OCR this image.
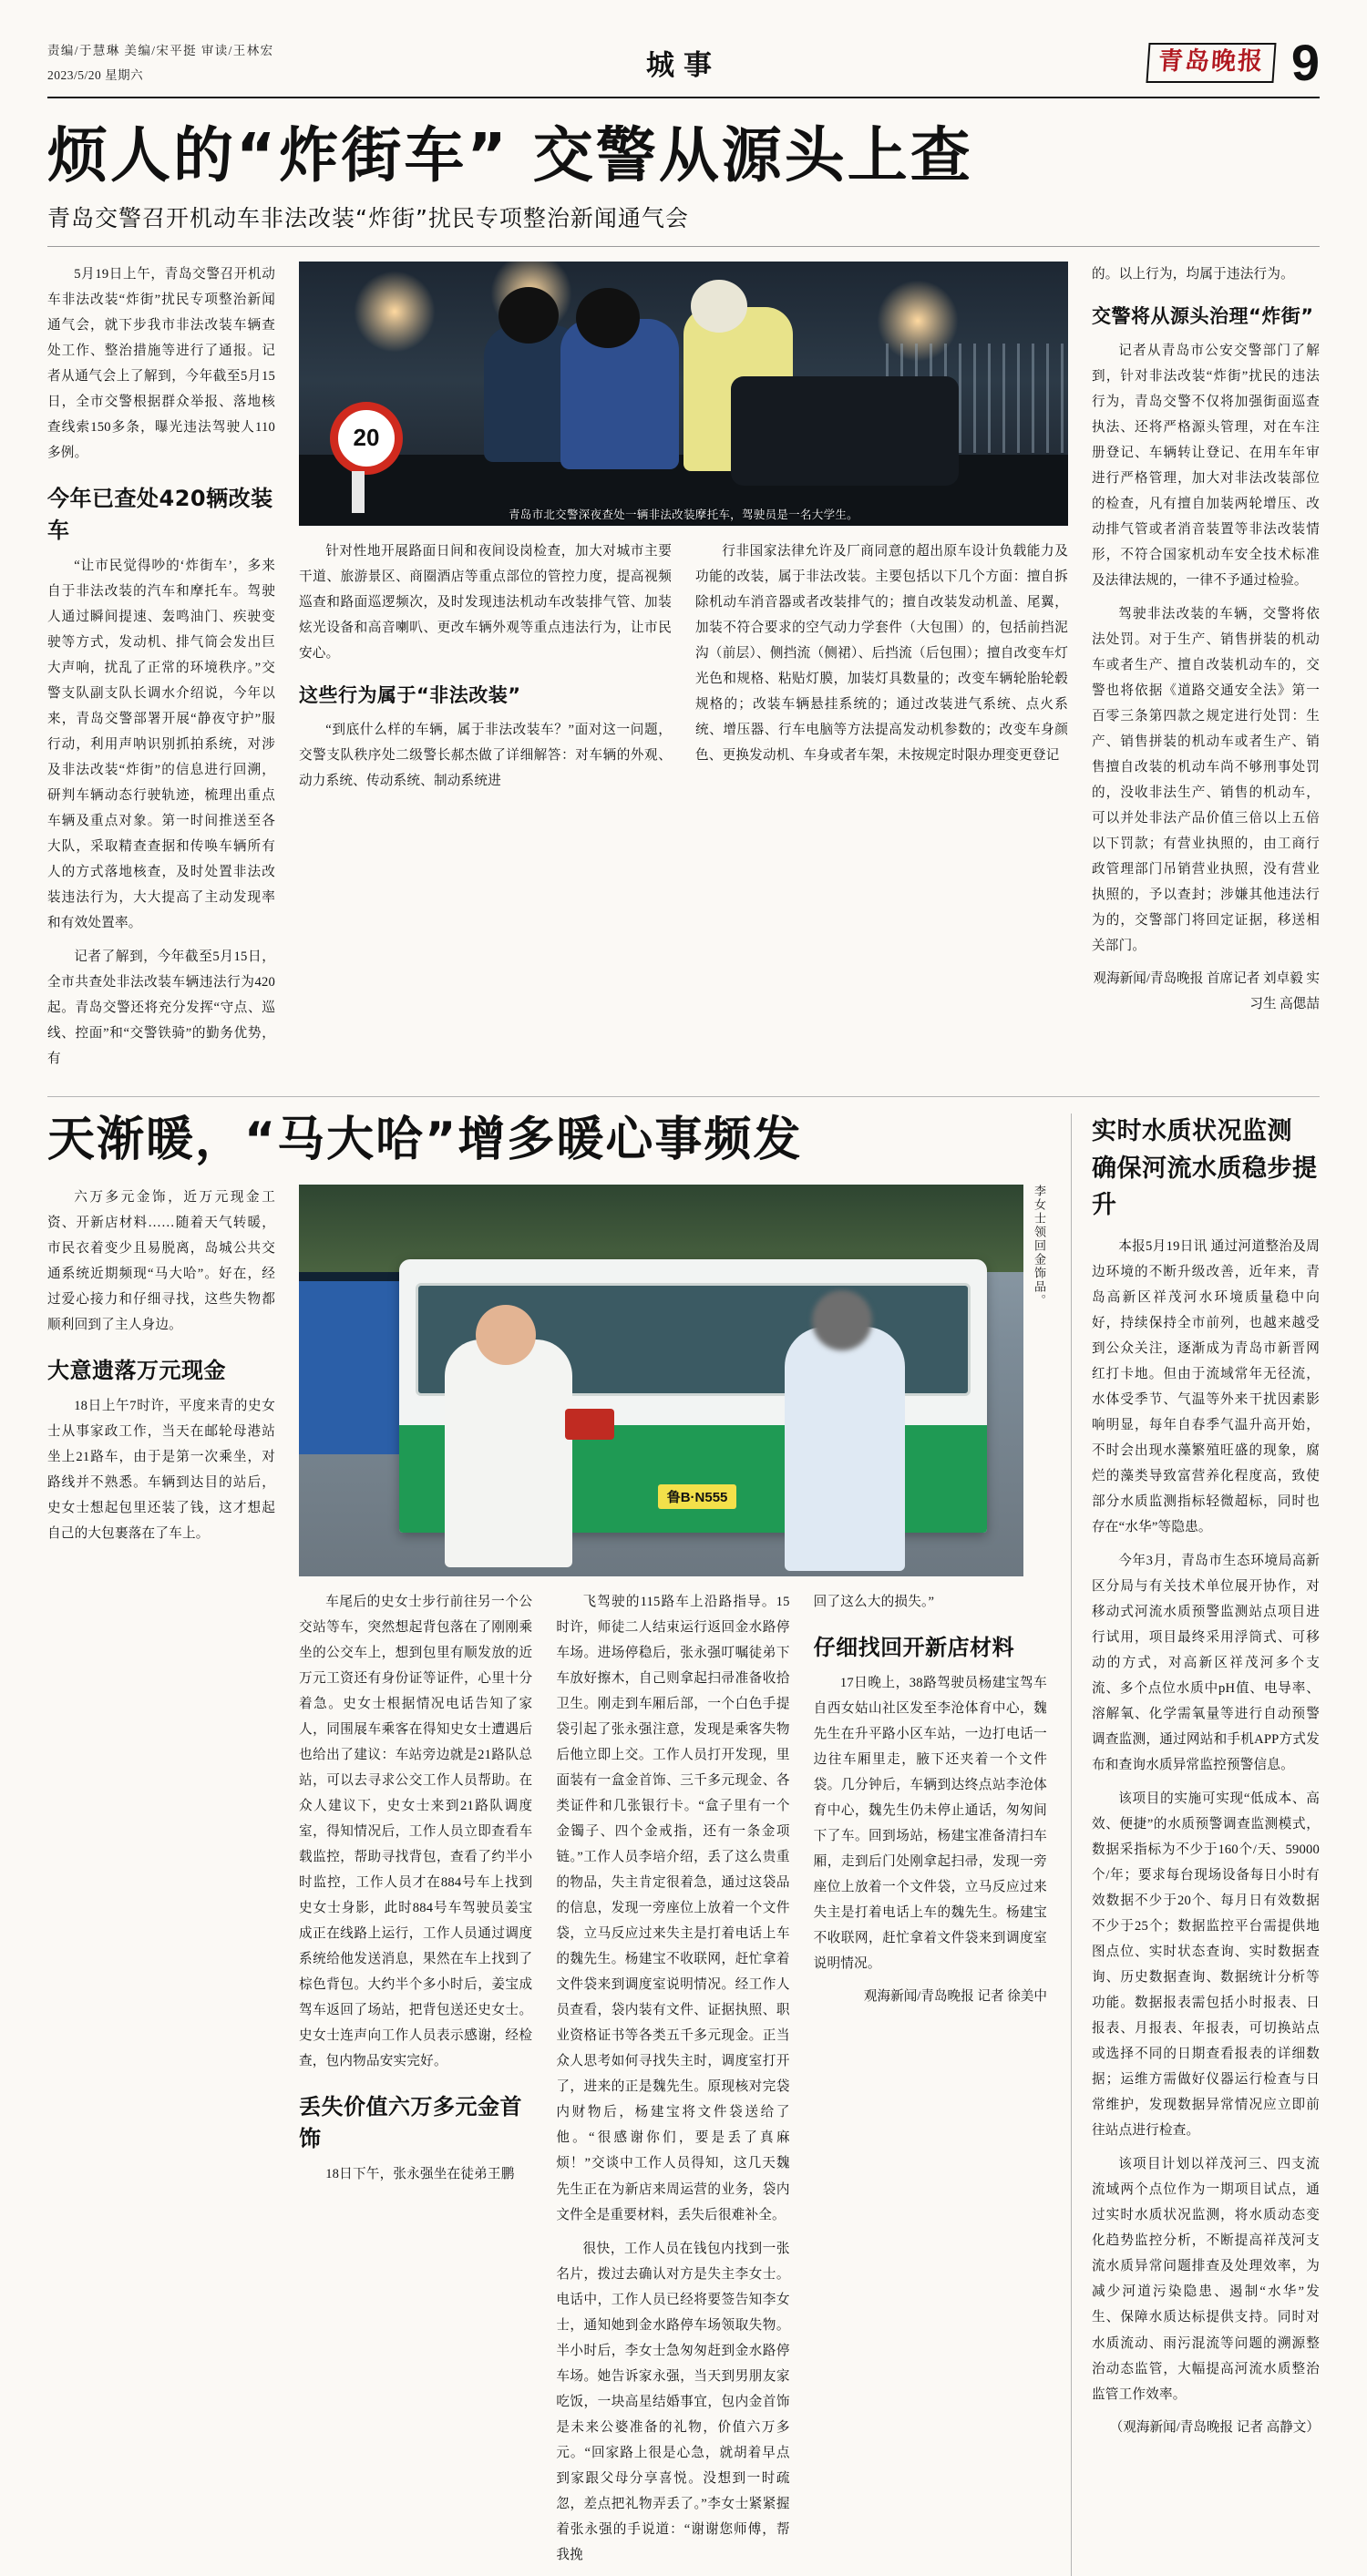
责编/于慧琳 美编/宋平挺 审读/王林宏
2023/5/20 星期六	城事	青岛晚报 9
烦人的“炸街车” 交警从源头上查
青岛交警召开机动车非法改装“炸街”扰民专项整治新闻通气会

5月19日上午，青岛交警召开机动车非法改装“炸街”扰民专项整治新闻通气会，就下步我市非法改装车辆查处工作、整治措施等进行了通报。记者从通气会上了解到，今年截至5月15日，全市交警根据群众举报、落地核查线索150多条，曝光违法驾驶人110多例。

今年已查处420辆改装车

“让市民觉得吵的‘炸街车’，多来自于非法改装的汽车和摩托车。驾驶人通过瞬间提速、轰鸣油门、疾驶变驶等方式，发动机、排气筒会发出巨大声响，扰乱了正常的环境秩序。”交警支队副支队长调水介绍说，今年以来，青岛交警部署开展“静夜守护”服行动，利用声呐识别抓拍系统，对涉及非法改装“炸街”的信息进行回溯，研判车辆动态行驶轨迹，梳理出重点车辆及重点对象。第一时间推送至各大队，采取精查查据和传唤车辆所有人的方式落地核查，及时处置非法改装违法行为，大大提高了主动发现率和有效处置率。

记者了解到，今年截至5月15日，全市共查处非法改装车辆违法行为420起。青岛交警还将充分发挥“守点、巡线、控面”和“交警铁骑”的勤务优势，有

20
青岛市北交警深夜查处一辆非法改装摩托车，驾驶员是一名大学生。

针对性地开展路面日间和夜间设岗检查，加大对城市主要干道、旅游景区、商圈酒店等重点部位的管控力度，提高视频巡查和路面巡逻频次，及时发现违法机动车改装排气管、加装炫光设备和高音喇叭、更改车辆外观等重点违法行为，让市民安心。

这些行为属于“非法改装”

“到底什么样的车辆，属于非法改装车？”面对这一问题，交警支队秩序处二级警长郝杰做了详细解答：对车辆的外观、动力系统、传动系统、制动系统进

行非国家法律允许及厂商同意的超出原车设计负载能力及功能的改装，属于非法改装。主要包括以下几个方面：擅自拆除机动车消音器或者改装排气的；擅自改装发动机盖、尾翼，加装不符合要求的空气动力学套件（大包围）的，包括前挡泥沟（前层）、侧挡流（侧裙）、后挡流（后包围）；擅自改变车灯光色和规格、粘贴灯膜，加装灯具数量的；改变车辆轮胎轮毂规格的；改装车辆悬挂系统的；通过改装进气系统、点火系统、增压器、行车电脑等方法提高发动机参数的；改变车身颜色、更换发动机、车身或者车架，未按规定时限办理变更登记

的。以上行为，均属于违法行为。

交警将从源头治理“炸街”

记者从青岛市公安交警部门了解到，针对非法改装“炸街”扰民的违法行为，青岛交警不仅将加强街面巡查执法、还将严格源头管理，对在车注册登记、车辆转让登记、在用车年审进行严格管理，加大对非法改装部位的检查，凡有擅自加装两轮增压、改动排气管或者消音装置等非法改装情形，不符合国家机动车安全技术标准及法律法规的，一律不予通过检验。

驾驶非法改装的车辆，交警将依法处罚。对于生产、销售拼装的机动车或者生产、擅自改装机动车的，交警也将依据《道路交通安全法》第一百零三条第四款之规定进行处罚：生产、销售拼装的机动车或者生产、销售擅自改装的机动车尚不够刑事处罚的，没收非法生产、销售的机动车，可以并处非法产品价值三倍以上五倍以下罚款；有营业执照的，由工商行政管理部门吊销营业执照，没有营业执照的，予以查封；涉嫌其他违法行为的，交警部门将回定证据，移送相关部门。

观海新闻/青岛晚报 首席记者 刘卓毅 实习生 高偲喆
天渐暖，“马大哈”增多暖心事频发

六万多元金饰，近万元现金工资、开新店材料……随着天气转暖，市民衣着变少且易脱离，岛城公共交通系统近期频现“马大哈”。好在，经过爱心接力和仔细寻找，这些失物都顺利回到了主人身边。

大意遗落万元现金

18日上午7时许，平度来青的史女士从事家政工作，当天在邮轮母港站坐上21路车，由于是第一次乘坐，对路线并不熟悉。车辆到达目的站后，史女士想起包里还装了钱，这才想起自己的大包裹落在了车上。

鲁B·N555
李女士领回金饰品。

车尾后的史女士步行前往另一个公交站等车，突然想起背包落在了刚刚乘坐的公交车上，想到包里有顺发放的近万元工资还有身份证等证件，心里十分着急。史女士根据情况电话告知了家人，同围展车乘客在得知史女士遭遇后也给出了建议：车站旁边就是21路队总站，可以去寻求公交工作人员帮助。在众人建议下，史女士来到21路队调度室，得知情况后，工作人员立即查看车载监控，帮助寻找背包，查看了约半小时监控，工作人员才在884号车上找到史女士身影，此时884号车驾驶员姜宝成正在线路上运行，工作人员通过调度系统给他发送消息，果然在车上找到了棕色背包。大约半个多小时后，姜宝成驾车返回了场站，把背包送还史女士。史女士连声向工作人员表示感谢，经检查，包内物品安实完好。

丢失价值六万多元金首饰

18日下午，张永强坐在徒弟王鹏

飞驾驶的115路车上沿路指导。15时许，师徒二人结束运行返回金水路停车场。进场停稳后，张永强叮嘱徒弟下车放好擦木，自己则拿起扫帚准备收拾卫生。刚走到车厢后部，一个白色手提袋引起了张永强注意，发现是乘客失物后他立即上交。工作人员打开发现，里面装有一盒金首饰、三千多元现金、各类证件和几张银行卡。“盒子里有一个金镯子、四个金戒指，还有一条金项链。”工作人员李培介绍，丢了这么贵重的物品，失主肯定很着急，通过这袋品的信息，发现一旁座位上放着一个文件袋，立马反应过来失主是打着电话上车的魏先生。杨建宝不收联网，赶忙拿着文件袋来到调度室说明情况。经工作人员查看，袋内装有文件、证据执照、职业资格证书等各类五千多元现金。正当众人思考如何寻找失主时，调度室打开了，进来的正是魏先生。原现核对完袋内财物后，杨建宝将文件袋送给了他。“很感谢你们，要是丢了真麻烦！”交谈中工作人员得知，这几天魏先生正在为新店来周运营的业务，袋内文件全是重要材料，丢失后很难补全。

很快，工作人员在钱包内找到一张名片，拨过去确认对方是失主李女士。电话中，工作人员已经将要签告知李女士，通知她到金水路停车场领取失物。半小时后，李女士急匆匆赶到金水路停车场。她告诉家永强，当天到男朋友家吃饭，一块高星结婚事宜，包内金首饰是未来公婆准备的礼物，价值六万多元。“回家路上很是心急，就胡着早点到家跟父母分享喜悦。没想到一时疏忽，差点把礼物弄丢了。”李女士紧紧握着张永强的手说道：“谢谢您师傅，帮我挽

回了这么大的损失。”

仔细找回开新店材料

17日晚上，38路驾驶员杨建宝驾车自西女姑山社区发至李沧体育中心，魏先生在升平路小区车站，一边打电话一边往车厢里走，腋下还夹着一个文件袋。几分钟后，车辆到达终点站李沧体育中心，魏先生仍未停止通话，匆匆间下了车。回到场站，杨建宝准备清扫车厢，走到后门处刚拿起扫帚，发现一旁座位上放着一个文件袋，立马反应过来失主是打着电话上车的魏先生。杨建宝不收联网，赶忙拿着文件袋来到调度室说明情况。

观海新闻/青岛晚报 记者 徐美中
实时水质状况监测
确保河流水质稳步提升

本报5月19日讯 通过河道整治及周边环境的不断升级改善，近年来，青岛高新区祥茂河水环境质量稳中向好，持续保持全市前列，也越来越受到公众关注，逐渐成为青岛市新晋网红打卡地。但由于流域常年无径流，水体受季节、气温等外来干扰因素影响明显，每年自春季气温升高开始，不时会出现水藻繁殖旺盛的现象，腐烂的藻类导致富营养化程度高，致使部分水质监测指标轻微超标，同时也存在“水华”等隐患。

今年3月，青岛市生态环境局高新区分局与有关技术单位展开协作，对移动式河流水质预警监测站点项目进行试用，项目最终采用浮筒式、可移动的方式，对高新区祥茂河多个支流、多个点位水质中pH值、电导率、溶解氧、化学需氧量等进行自动预警调查监测，通过网站和手机APP方式发布和查询水质异常监控预警信息。

该项目的实施可实现“低成本、高效、便捷”的水质预警调查监测模式，数据采指标为不少于160个/天、59000个/年；要求每台现场设备每日小时有效数据不少于20个、每月日有效数据不少于25个；数据监控平台需提供地图点位、实时状态查询、实时数据查询、历史数据查询、数据统计分析等功能。数据报表需包括小时报表、日报表、月报表、年报表，可切换站点或选择不同的日期查看报表的详细数据；运维方需做好仪器运行检查与日常维护，发现数据异常情况应立即前往站点进行检查。

该项目计划以祥茂河三、四支流流域两个点位作为一期项目试点，通过实时水质状况监测，将水质动态变化趋势监控分析，不断提高祥茂河支流水质异常问题排查及处理效率，为减少河道污染隐患、遏制“水华”发生、保障水质达标提供支持。同时对水质流动、雨污混流等问题的溯源整治动态监管，大幅提高河流水质整治监管工作效率。

（观海新闻/青岛晚报 记者 高静文）
